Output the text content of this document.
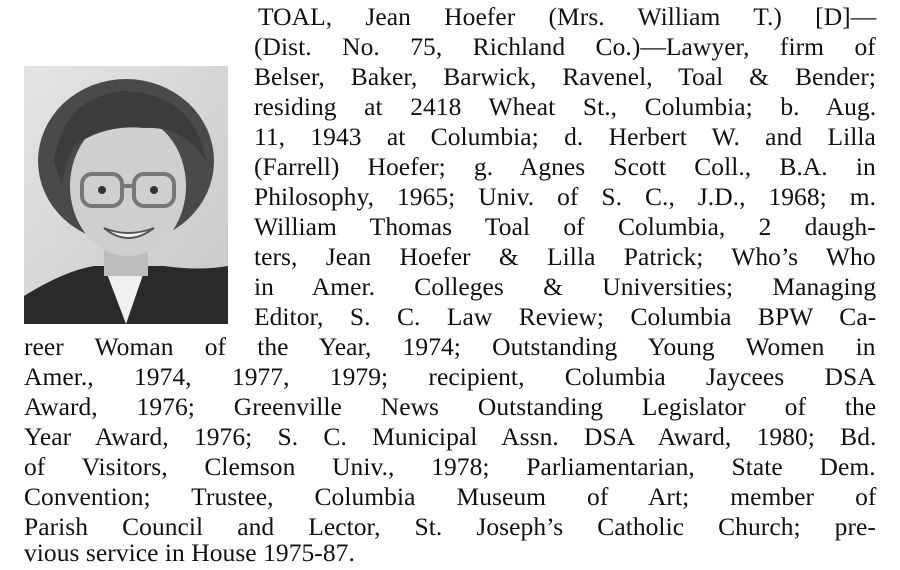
TOAL, Jean Hoefer (Mrs. William T.) [D]—
(Dist. No. 75, Richland Co.)—Lawyer, firm of
Belser, Baker, Barwick, Ravenel, Toal & Bender;
residing at 2418 Wheat St., Columbia; b. Aug.
11, 1943 at Columbia; d. Herbert W. and Lilla
(Farrell) Hoefer; g. Agnes Scott Coll., B.A. in
Philosophy, 1965; Univ. of S. C., J.D., 1968; m.
William Thomas Toal of Columbia, 2 daugh-
ters, Jean Hoefer & Lilla Patrick; Who’s Who
in Amer. Colleges & Universities; Managing
Editor, S. C. Law Review; Columbia BPW Ca-
reer Woman of the Year, 1974; Outstanding Young Women in
Amer., 1974, 1977, 1979; recipient, Columbia Jaycees DSA
Award, 1976; Greenville News Outstanding Legislator of the
Year Award, 1976; S. C. Municipal Assn. DSA Award, 1980; Bd.
of Visitors, Clemson Univ., 1978; Parliamentarian, State Dem.
Convention; Trustee, Columbia Museum of Art; member of
Parish Council and Lector, St. Joseph’s Catholic Church; pre-
vious service in House 1975-87.
